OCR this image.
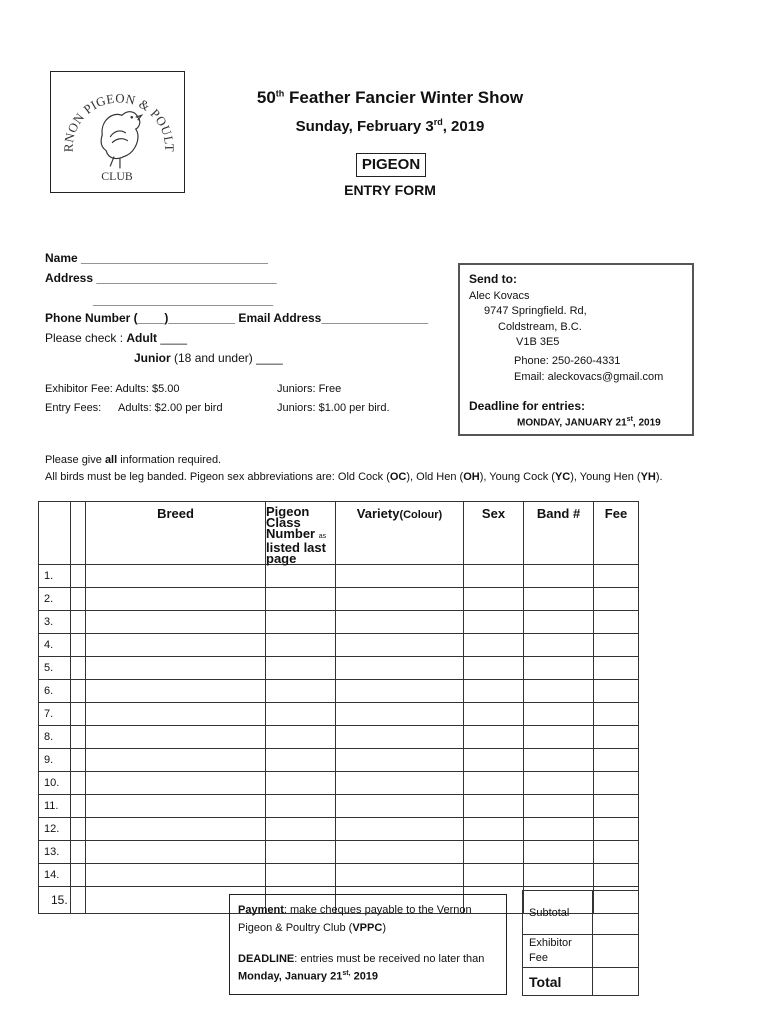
RNON PIGEON & POULT
CLUB
50th Feather Fancier Winter Show
Sunday, February 3rd, 2019
PIGEON
ENTRY FORM
Name ____________________________
Address ___________________________
___________________________
Phone Number (____)__________ Email Address________________
Please check : Adult ____
Junior (18 and under) ____
Exhibitor Fee: Adults: $5.00	Juniors: Free
Entry Fees: Adults: $2.00 per bird	Juniors: $1.00 per bird.
Send to:
Alec Kovacs
9747 Springfield. Rd,
Coldstream, B.C.
V1B 3E5
Phone: 250-260-4331
Email: aleckovacs@gmail.com
Deadline for entries:
MONDAY, JANUARY 21st, 2019
Please give all information required.
All birds must be leg banded. Pigeon sex abbreviations are: Old Cock (OC), Old Hen (OH), Young Cock (YC), Young Hen (YH).
		Breed	Pigeon Class
Number as
listed last page	Variety(Colour)	Sex	Band #	Fee
1.							
2.							
3.							
4.							
5.							
6.							
7.							
8.							
9.							
10.							
11.							
12.							
13.							
14.							
15.							
Payment: make cheques payable to the Vernon
Pigeon & Poultry Club (VPPC)
DEADLINE: entries must be received no later than
Monday, January $21^{st,}$ 2019
Subtotal	
Exhibitor
Fee	
Total	
